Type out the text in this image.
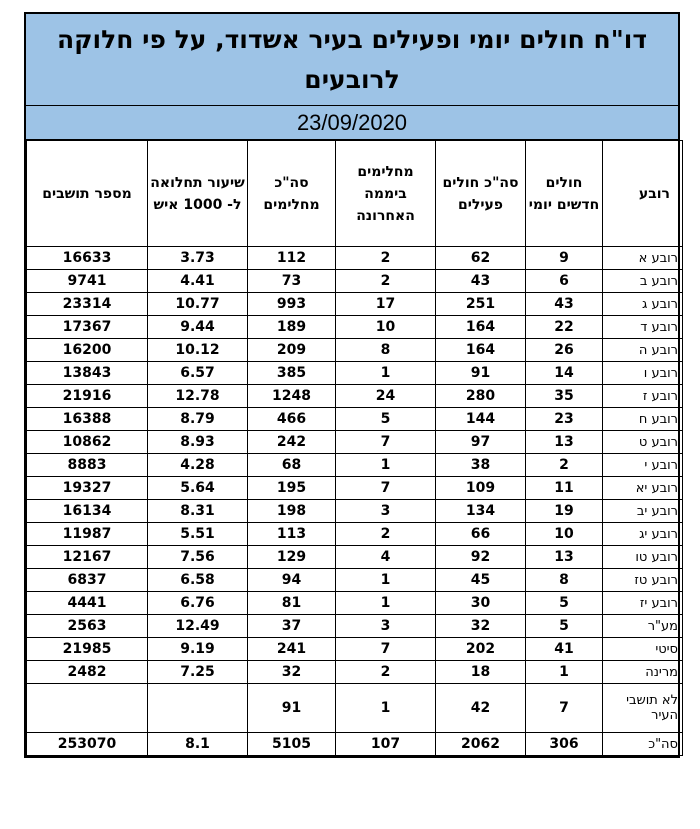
דו"ח חולים יומי ופעילים בעיר אשדוד, על פי חלוקה לרובעים
23/09/2020
רובע	חולים חדשים יומי	סה"כ חולים פעילים	מחלימים ביממה האחרונה	סה"כ מחלימים	שיעור תחלואה ל- 1000 איש	מספר תושבים
רובע א	9	62	2	112	3.73	16633
רובע ב	6	43	2	73	4.41	9741
רובע ג	43	251	17	993	10.77	23314
רובע ד	22	164	10	189	9.44	17367
רובע ה	26	164	8	209	10.12	16200
רובע ו	14	91	1	385	6.57	13843
רובע ז	35	280	24	1248	12.78	21916
רובע ח	23	144	5	466	8.79	16388
רובע ט	13	97	7	242	8.93	10862
רובע י	2	38	1	68	4.28	8883
רובע יא	11	109	7	195	5.64	19327
רובע יב	19	134	3	198	8.31	16134
רובע יג	10	66	2	113	5.51	11987
רובע טו	13	92	4	129	7.56	12167
רובע טז	8	45	1	94	6.58	6837
רובע יז	5	30	1	81	6.76	4441
מע"ר	5	32	3	37	12.49	2563
סיטי	41	202	7	241	9.19	21985
מרינה	1	18	2	32	7.25	2482
לא תושבי העיר	7	42	1	91		
סה"כ	306	2062	107	5105	8.1	253070
